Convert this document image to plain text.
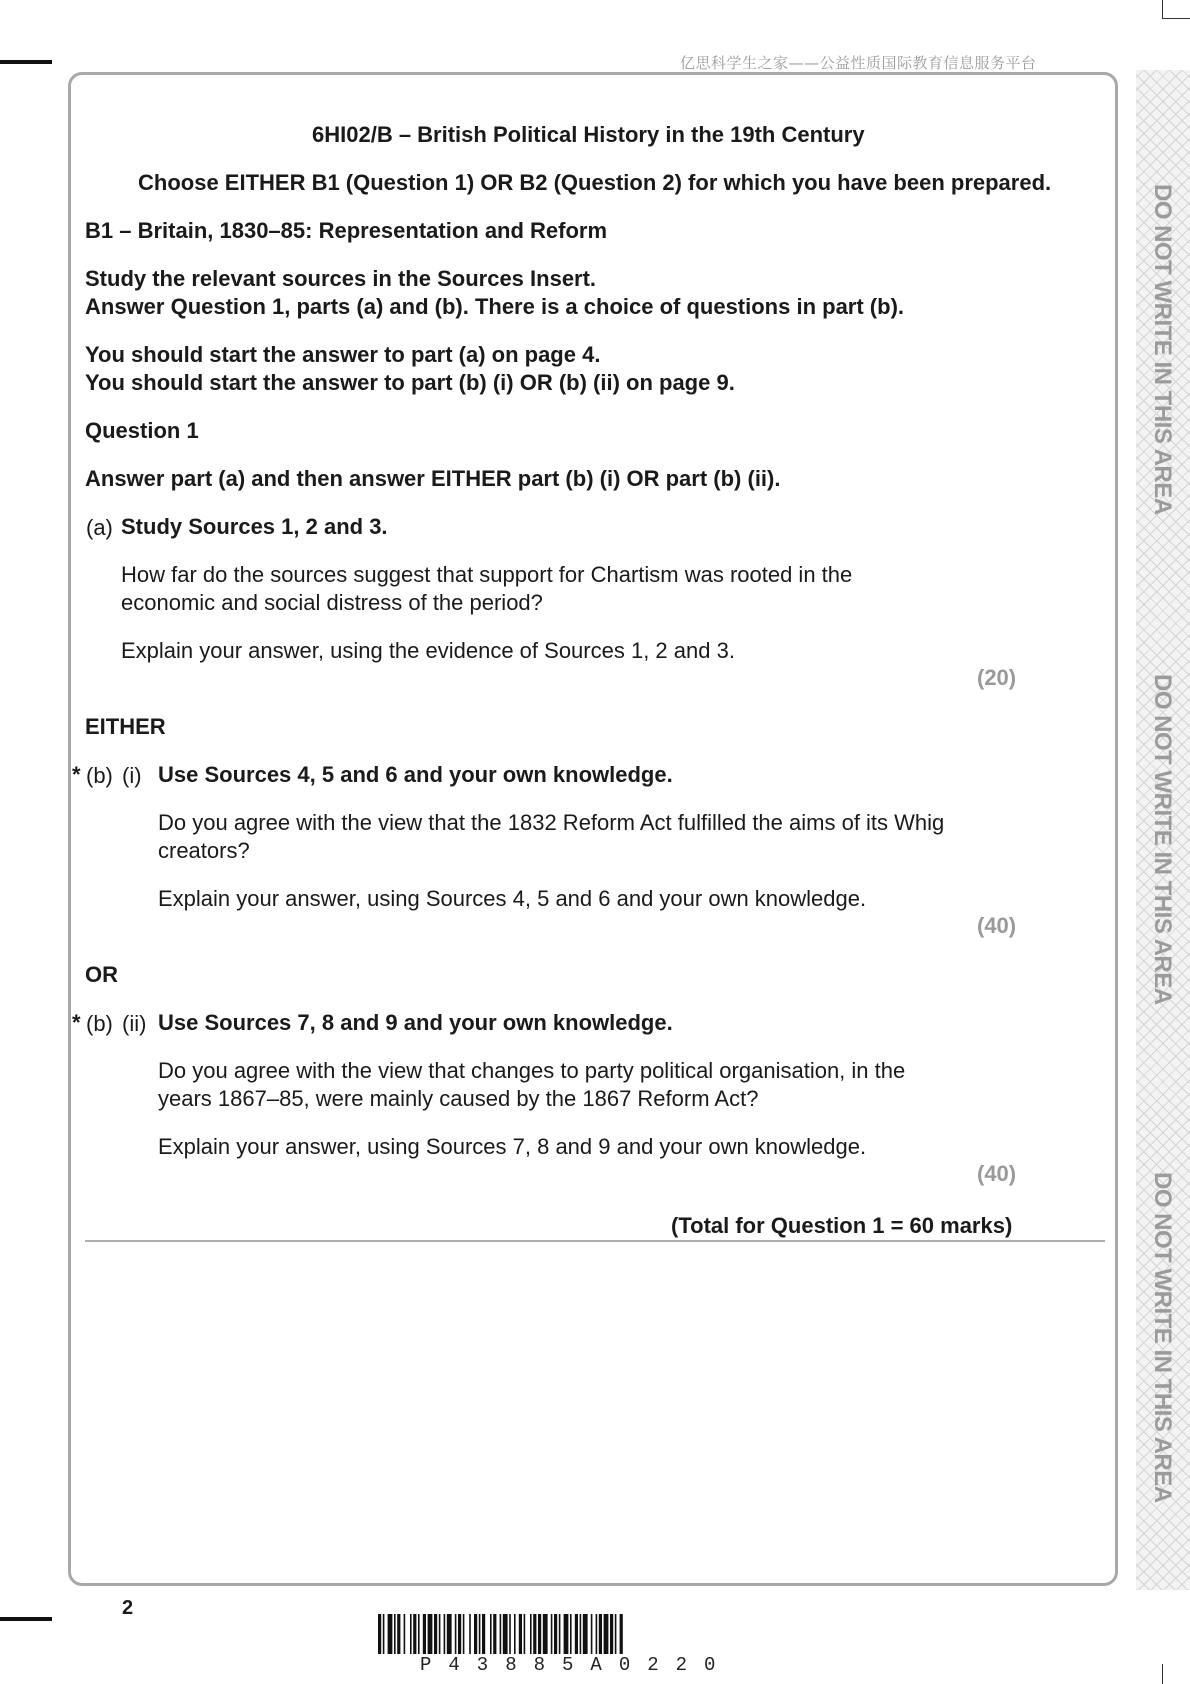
亿思科学生之家——公益性质国际教育信息服务平台
DO NOT WRITE IN THIS AREA
DO NOT WRITE IN THIS AREA
DO NOT WRITE IN THIS AREA
6HI02/B – British Political History in the 19th Century
Choose EITHER B1 (Question 1) OR B2 (Question 2) for which you have been prepared.
B1 – Britain, 1830–85: Representation and Reform
Study the relevant sources in the Sources Insert.
Answer Question 1, parts (a) and (b). There is a choice of questions in part (b).
You should start the answer to part (a) on page 4.
You should start the answer to part (b) (i) OR (b) (ii) on page 9.
Question 1
Answer part (a) and then answer EITHER part (b) (i) OR part (b) (ii).
(a) Study Sources 1, 2 and 3.
How far do the sources suggest that support for Chartism was rooted in the
economic and social distress of the period?
Explain your answer, using the evidence of Sources 1, 2 and 3.
(20)
EITHER
* (b) (i) Use Sources 4, 5 and 6 and your own knowledge.
Do you agree with the view that the 1832 Reform Act fulfilled the aims of its Whig
creators?
Explain your answer, using Sources 4, 5 and 6 and your own knowledge.
(40)
OR
* (b) (ii) Use Sources 7, 8 and 9 and your own knowledge.
Do you agree with the view that changes to party political organisation, in the
years 1867–85, were mainly caused by the 1867 Reform Act?
Explain your answer, using Sources 7, 8 and 9 and your own knowledge.
(40)
(Total for Question 1 = 60 marks)
2
P43885A0220
